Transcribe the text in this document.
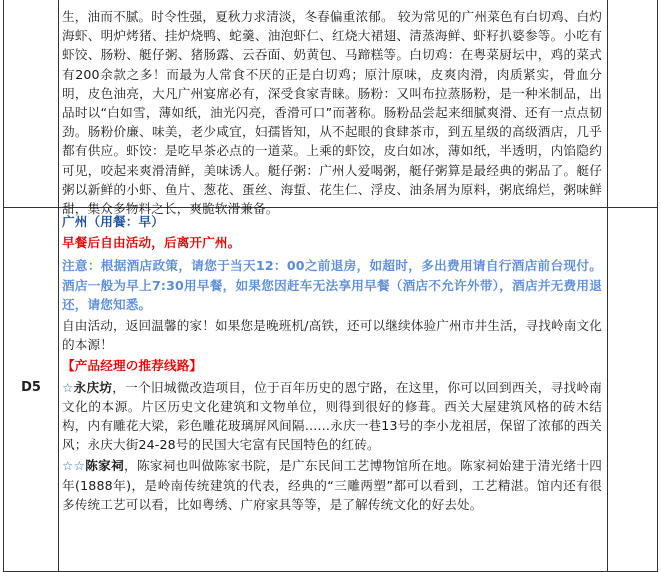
生，油而不腻。时令性强，夏秋力求清淡，冬春偏重浓郁。 较为常见的广州菜色有白切鸡、白灼海虾、明炉烤猪、挂炉烧鸭、蛇羹、油泡虾仁、红烧大裙翅、清蒸海鲜、虾籽扒婆参等。小吃有虾饺、肠粉、艇仔粥、猪肠露、云吞面、奶黄包、马蹄糕等。白切鸡：在粤菜厨坛中，鸡的菜式有200余款之多！而最为人常食不厌的正是白切鸡；原汁原味，皮爽肉滑，肉质紧实，骨血分明，皮色油亮，大凡广州宴席必有，深受食家青睐。肠粉：又叫布拉蒸肠粉，是一种米制品，出品时以“白如雪，薄如纸，油光闪亮，香滑可口”而著称。肠粉品尝起来细腻爽滑、还有一点点韧劲。肠粉价廉、味美，老少咸宜，妇孺皆知，从不起眼的食肆茶市，到五星级的高级酒店，几乎都有供应。虾饺：是吃早茶必点的一道菜。上乘的虾饺，皮白如冰，薄如纸，半透明，内馅隐约可见，咬起来爽滑清鲜，美味诱人。艇仔粥：广州人爱喝粥，艇仔粥算是最经典的粥品了。艇仔粥以新鲜的小虾、鱼片、葱花、蛋丝、海蜇、花生仁、浮皮、油条屑为原料，粥底绵烂，粥味鲜甜，集众多物料之长，爽脆软滑兼备。

D5

广州（用餐：早）

早餐后自由活动，后离开广州。

注意：根据酒店政策，请您于当天12：00之前退房，如超时，多出费用请自行酒店前台现付。酒店一般为早上7:30用早餐，如果您因赶车无法享用早餐（酒店不允许外带），酒店并无费用退还，请您知悉。

自由活动，返回温馨的家！如果您是晚班机/高铁，还可以继续体验广州市井生活，寻找岭南文化的本源！

【产品经理の推荐线路】

☆永庆坊，一个旧城微改造项目，位于百年历史的恩宁路，在这里，你可以回到西关，寻找岭南文化的本源。片区历史文化建筑和文物单位，则得到很好的修葺。西关大屋建筑风格的砖木结构，内有雕花大梁，彩色雕花玻璃屏风间隔……永庆一巷13号的李小龙祖居，保留了浓郁的西关风；永庆大街24-28号的民国大宅富有民国特色的红砖。

☆☆陈家祠，陈家祠也叫做陈家书院，是广东民间工艺博物馆所在地。陈家祠始建于清光绪十四年(1888年)，是岭南传统建筑的代表，经典的“三雕两塑”都可以看到，工艺精湛。馆内还有很多传统工艺可以看，比如粤绣、广府家具等等，是了解传统文化的好去处。
